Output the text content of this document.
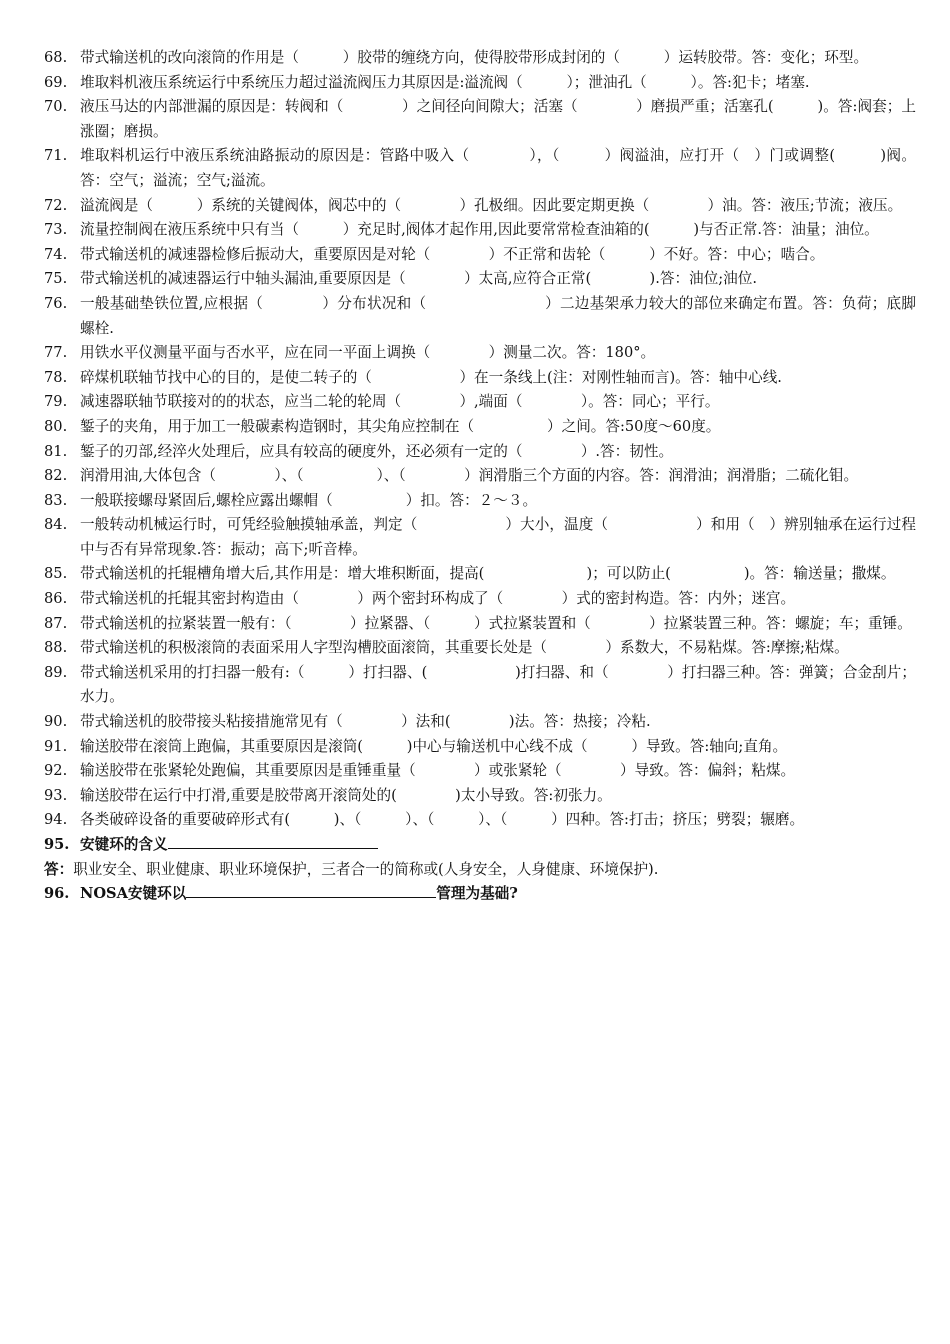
68. 带式输送机的改向滚筒的作用是（　　　）胶带的缠绕方向，使得胶带形成封闭的（　　　）运转胶带。答：变化；环型。
69. 堆取料机液压系统运行中系统压力超过溢流阀压力其原因是:溢流阀（　　　）；泄油孔（　　　）。答:犯卡；堵塞.
70. 液压马达的内部泄漏的原因是：转阀和（　　　　）之间径向间隙大；活塞（　　　　）磨损严重；活塞孔(　　　)。答:阀套；上涨圈；磨损。
71. 堆取料机运行中液压系统油路振动的原因是：管路中吸入（　　　　），（　　　）阀溢油，应打开（　）门或调整(　　　)阀。答：空气；溢流；空气;溢流。
72. 溢流阀是（　　　）系统的关键阀体，阀芯中的（　　　　）孔极细。因此要定期更换（　　　　）油。答：液压;节流；液压。
73. 流量控制阀在液压系统中只有当（　　　）充足时,阀体才起作用,因此要常常检查油箱的(　　　)与否正常.答：油量；油位。
74. 带式输送机的减速器检修后振动大，重要原因是对轮（　　　　）不正常和齿轮（　　　）不好。答：中心；啮合。
75. 带式输送机的减速器运行中轴头漏油,重要原因是（　　　　）太高,应符合正常(　　　　).答：油位;油位.
76. 一般基础垫铁位置,应根据（　　　　）分布状况和（　　　　　　　　）二边基架承力较大的部位来确定布置。答：负荷；底脚螺栓.
77. 用铁水平仪测量平面与否水平，应在同一平面上调换（　　　　）测量二次。答：180°。
78. 碎煤机联轴节找中心的目的，是使二转子的（　　　　　　）在一条线上(注：对刚性轴而言)。答：轴中心线.
79. 减速器联轴节联接对的的状态，应当二轮的轮周（　　　　）,端面（　　　　）。答：同心；平行。
80. 錾子的夹角，用于加工一般碳素构造钢时，其尖角应控制在（　　　　　）之间。答:50度～60度。
81. 錾子的刃部,经淬火处理后，应具有较高的硬度外，还必须有一定的（　　　　）.答：韧性。
82. 润滑用油,大体包含（　　　　）、（　　　　　）、（　　　　）润滑脂三个方面的内容。答：润滑油；润滑脂；二硫化钼。
83. 一般联接螺母紧固后,螺栓应露出螺帽（　　　　　）扣。答：２～３。
84. 一般转动机械运行时，可凭经验触摸轴承盖，判定（　　　　　　）大小，温度（　　　　　　）和用（　）辨别轴承在运行过程中与否有异常现象.答：振动；高下;听音棒。
85. 带式输送机的托辊槽角增大后,其作用是：增大堆积断面，提高(　　　　　　　)；可以防止(　　　　　)。答：输送量；撒煤。
86. 带式输送机的托辊其密封构造由（　　　　）两个密封环构成了（　　　　）式的密封构造。答：内外；迷宫。
87. 带式输送机的拉紧装置一般有：（　　　　）拉紧器、（　　　）式拉紧装置和（　　　　）拉紧装置三种。答：螺旋；车；重锤。
88. 带式输送机的积极滚筒的表面采用人字型沟槽胶面滚筒，其重要长处是（　　　　）系数大，不易粘煤。答:摩擦;粘煤。
89. 带式输送机采用的打扫器一般有:（　　　）打扫器、(　　　　　　)打扫器、和（　　　　）打扫器三种。答：弹簧；合金刮片；水力。
90. 带式输送机的胶带接头粘接措施常见有（　　　　）法和(　　　　)法。答：热接；冷粘.
91. 输送胶带在滚筒上跑偏，其重要原因是滚筒(　　　)中心与输送机中心线不成（　　　）导致。答:轴向;直角。
92. 输送胶带在张紧轮处跑偏，其重要原因是重锤重量（　　　　）或张紧轮（　　　　）导致。答：偏斜；粘煤。
93. 输送胶带在运行中打滑,重要是胶带离开滚筒处的(　　　　)太小导致。答:初张力。
94. 各类破碎设备的重要破碎形式有(　　　)、（　　　）、（　　　）、（　　　）四种。答:打击；挤压；劈裂；辗磨。
95. 安键环的含义
答：职业安全、职业健康、职业环境保护，三者合一的简称或(人身安全，人身健康、环境保护).
96. NOSA安键环以	管理为基础?
